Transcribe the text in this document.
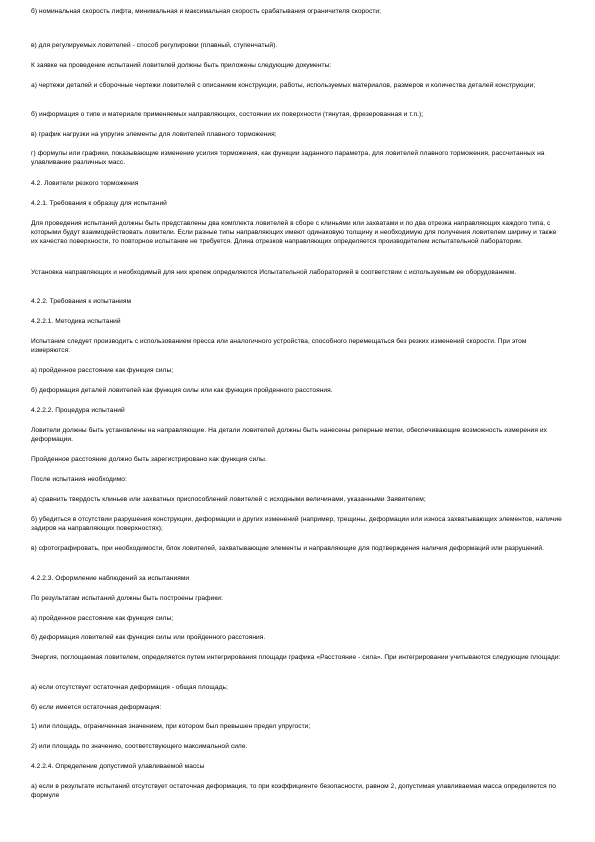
б) номинальная скорость лифта, минимальная и максимальная скорость срабатывания ограничителя скорости;

в) для регулируемых ловителей - способ регулировки (плавный, ступенчатый).

К заявке на проведение испытаний ловителей должны быть приложены следующие документы:

а) чертежи деталей и сборочные чертежи ловителей с описанием конструкции, работы, используемых материалов, размеров и количества деталей конструкции;

б) информация о типе и материале применяемых направляющих, состоянии их поверхности (тянутая, фрезерованная и т.п.);

в) график нагрузки на упругие элементы для ловителей плавного торможения;

г) формулы или графики, показывающие изменение усилия торможения, как функции заданного параметра, для ловителей плавного торможения, рассчитанных на улавливание различных масс.

4.2. Ловители резкого торможения

4.2.1. Требования к образцу для испытаний

Для проведения испытаний должны быть представлены два комплекта ловителей в сборе с клиньями или захватами и по два отрезка направляющих каждого типа, с которыми будут взаимодействовать ловители. Если разные типы направляющих имеют одинаковую толщину и необходимую для получения ловителем ширину и также их качество поверхности, то повторное испытание не требуется. Длина отрезков направляющих определяется производителем испытательной лаборатории.

Установка направляющих и необходимый для них крепеж определяются Испытательной лабораторией в соответствии с используемым ее оборудованием.

4.2.2. Требования к испытаниям

4.2.2.1. Методика испытаний

Испытание следует производить с использованием пресса или аналогичного устройства, способного перемещаться без резких изменений скорости. При этом измеряются:

а) пройденное расстояние как функция силы;

б) деформация деталей ловителей как функция силы или как функция пройденного расстояния.

4.2.2.2. Процедура испытаний

Ловители должны быть установлены на направляющие. На детали ловителей должны быть нанесены реперные метки, обеспечивающие возможность измерения их деформации.

Пройденное расстояние должно быть зарегистрировано как функция силы.

После испытания необходимо:

а) сравнить твердость клиньев или захватных приспособлений ловителей с исходными величинами, указанными Заявителем;

б) убедиться в отсутствии разрушения конструкции, деформации и других изменений (например, трещины, деформации или износа захватывающих элементов, наличие задиров на направляющих поверхностях);

в) сфотографировать, при необходимости, блок ловителей, захватывающие элементы и направляющие для подтверждения наличия деформаций или разрушений.

4.2.2.3. Оформление наблюдений за испытаниями

По результатам испытаний должны быть построены графики:

а) пройденное расстояние как функция силы;

б) деформация ловителей как функция силы или пройденного расстояния.

Энергия, поглощаемая ловителем, определяется путем интегрирования площади графика «Расстояние - сила». При интегрировании учитываются следующие площади:

а) если отсутствует остаточная деформация - общая площадь;

б) если имеется остаточная деформация:

1) или площадь, ограниченная значением, при котором был превышен предел упругости;

2) или площадь по значению, соответствующего максимальной силе.

4.2.2.4. Определение допустимой улавливаемой массы

а) если в результате испытаний отсутствует остаточная деформация, то при коэффициенте безопасности, равном 2, допустимая улавливаемая масса определяется по формуле
